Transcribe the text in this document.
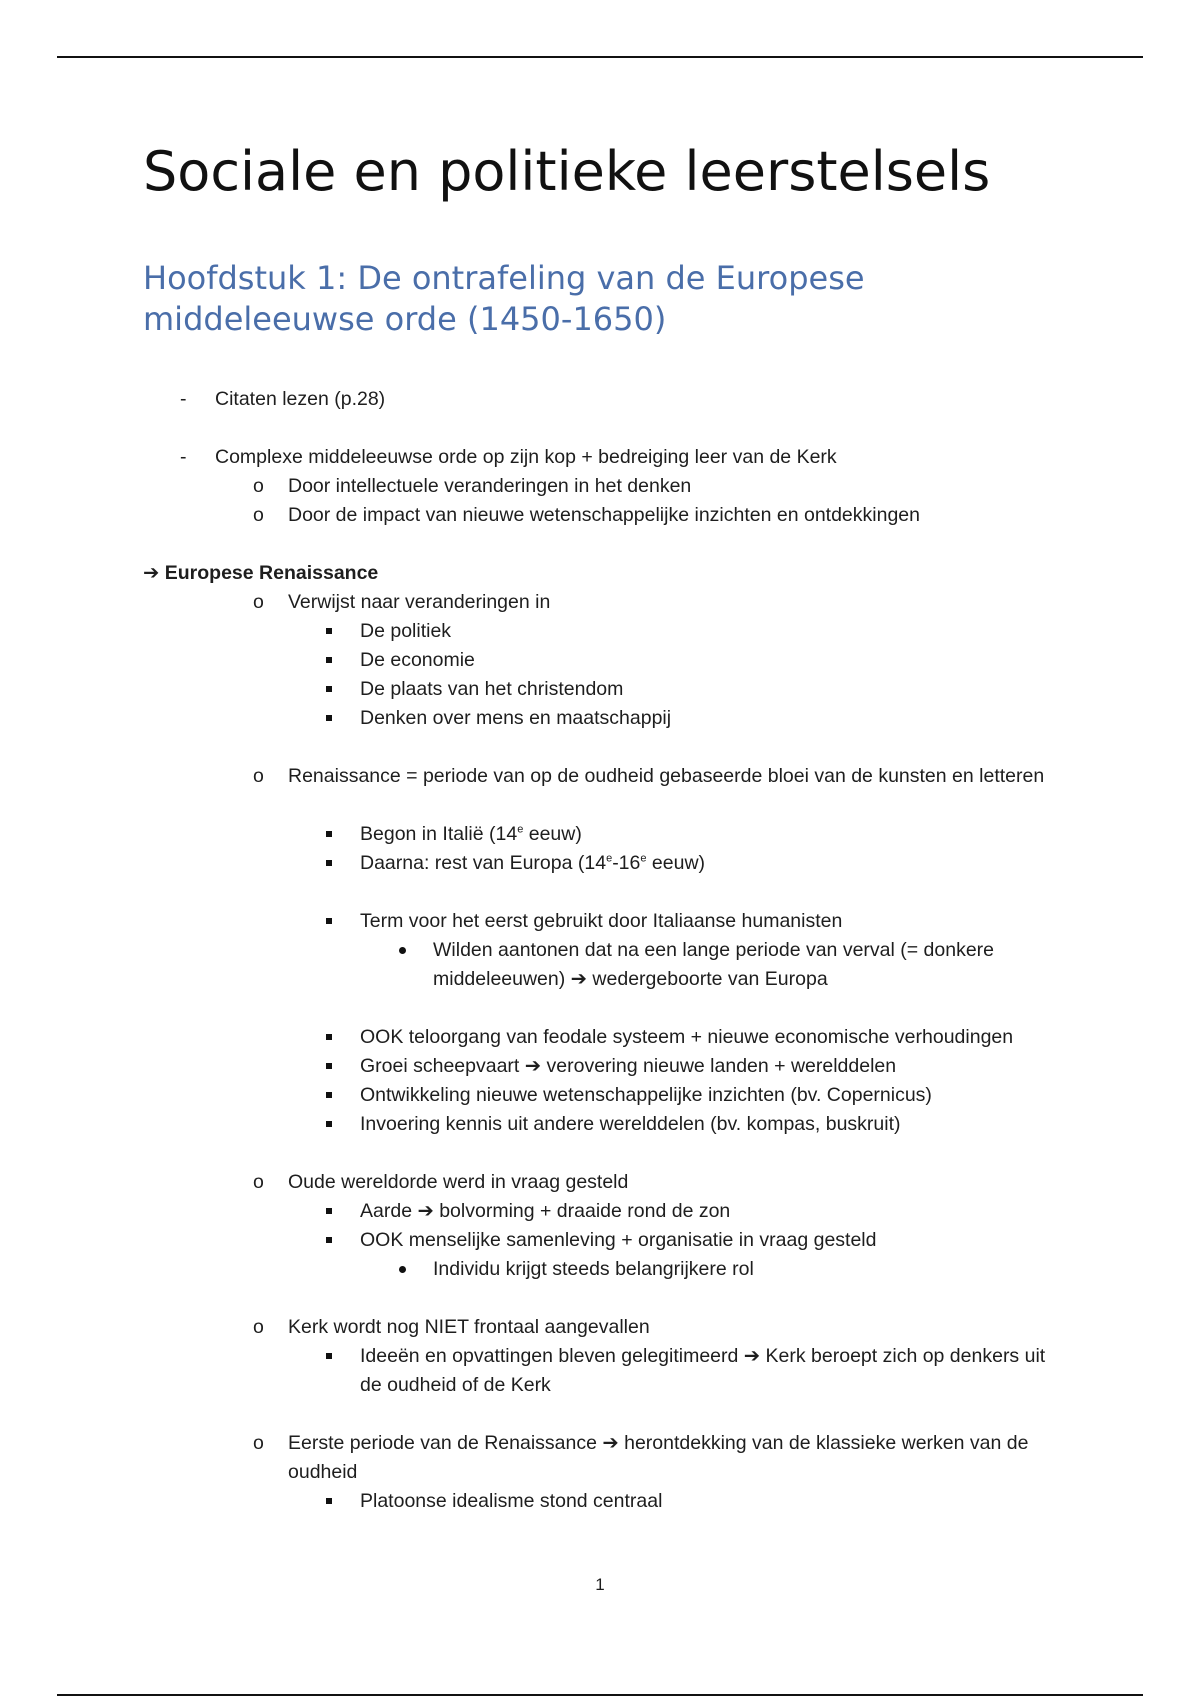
Sociale en politieke leerstelsels
Hoofdstuk 1: De ontrafeling van de Europese middeleeuwse orde (1450-1650)
- Citaten lezen (p.28)
- Complexe middeleeuwse orde op zijn kop + bedreiging leer van de Kerk
o Door intellectuele veranderingen in het denken
o Door de impact van nieuwe wetenschappelijke inzichten en ontdekkingen
➔ Europese Renaissance
o Verwijst naar veranderingen in
De politiek
De economie
De plaats van het christendom
Denken over mens en maatschappij
o Renaissance = periode van op de oudheid gebaseerde bloei van de kunsten en letteren
Begon in Italië (14e eeuw)
Daarna: rest van Europa (14e-16e eeuw)
Term voor het eerst gebruikt door Italiaanse humanisten
Wilden aantonen dat na een lange periode van verval (= donkere middeleeuwen) ➔ wedergeboorte van Europa
OOK teloorgang van feodale systeem + nieuwe economische verhoudingen
Groei scheepvaart ➔ verovering nieuwe landen + werelddelen
Ontwikkeling nieuwe wetenschappelijke inzichten (bv. Copernicus)
Invoering kennis uit andere werelddelen (bv. kompas, buskruit)
o Oude wereldorde werd in vraag gesteld
Aarde ➔ bolvorming + draaide rond de zon
OOK menselijke samenleving + organisatie in vraag gesteld
Individu krijgt steeds belangrijkere rol
o Kerk wordt nog NIET frontaal aangevallen
Ideeën en opvattingen bleven gelegitimeerd ➔ Kerk beroept zich op denkers uit de oudheid of de Kerk
o Eerste periode van de Renaissance ➔ herontdekking van de klassieke werken van de oudheid
Platoonse idealisme stond centraal
1
